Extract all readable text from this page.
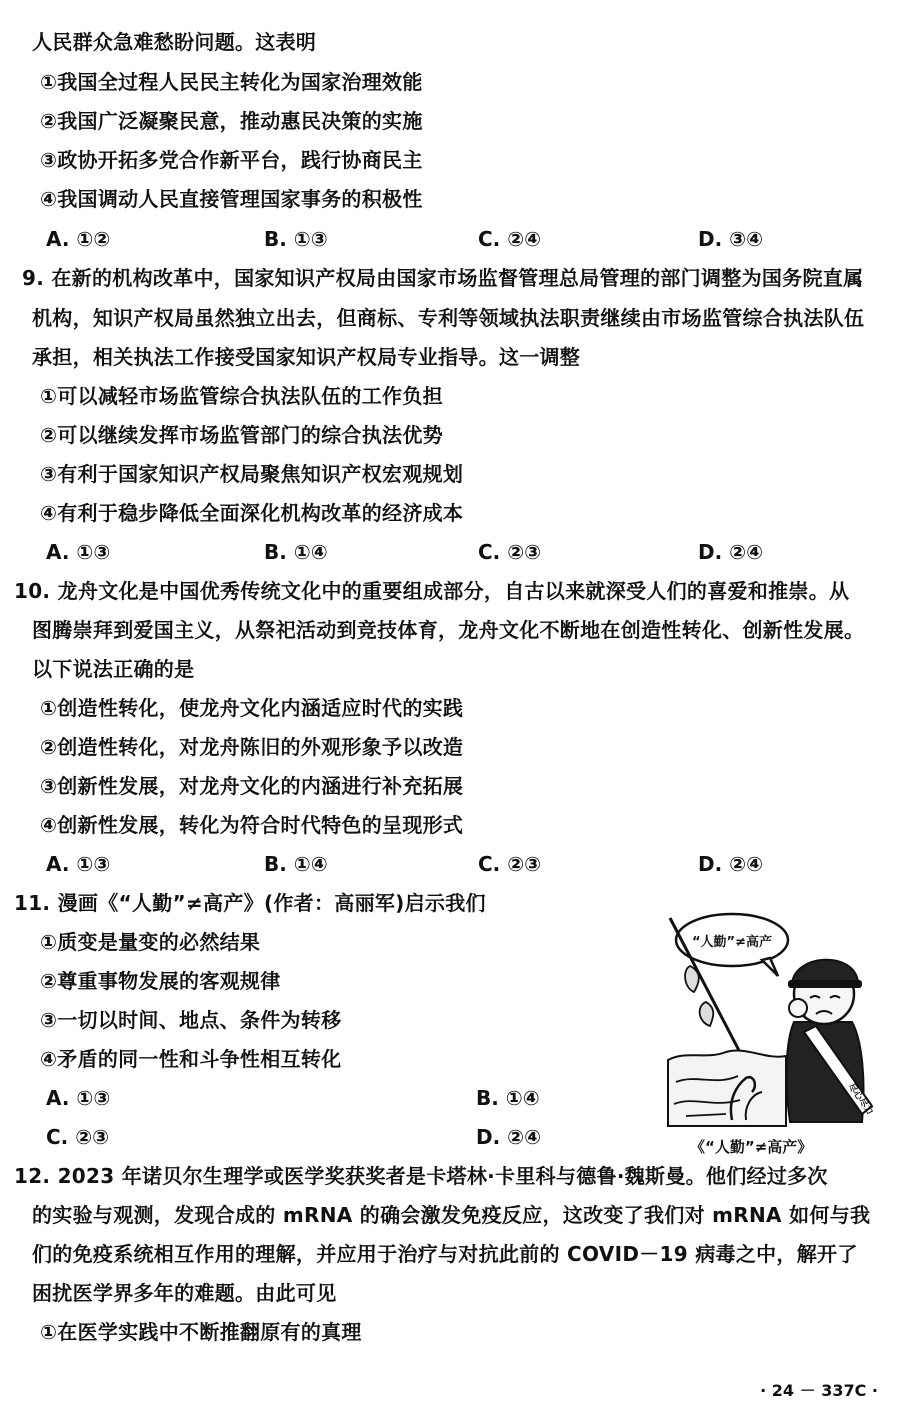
人民群众急难愁盼问题。这表明
①我国全过程人民民主转化为国家治理效能
②我国广泛凝聚民意，推动惠民决策的实施
③政协开拓多党合作新平台，践行协商民主
④我国调动人民直接管理国家事务的积极性
A. ①②	B. ①③	C. ②④	D. ③④
9. 在新的机构改革中，国家知识产权局由国家市场监督管理总局管理的部门调整为国务院直属
机构，知识产权局虽然独立出去，但商标、专利等领域执法职责继续由市场监管综合执法队伍
承担，相关执法工作接受国家知识产权局专业指导。这一调整
①可以减轻市场监管综合执法队伍的工作负担
②可以继续发挥市场监管部门的综合执法优势
③有利于国家知识产权局聚焦知识产权宏观规划
④有利于稳步降低全面深化机构改革的经济成本
A. ①③	B. ①④	C. ②③	D. ②④
10. 龙舟文化是中国优秀传统文化中的重要组成部分，自古以来就深受人们的喜爱和推崇。从
图腾崇拜到爱国主义，从祭祀活动到竞技体育，龙舟文化不断地在创造性转化、创新性发展。
以下说法正确的是
①创造性转化，使龙舟文化内涵适应时代的实践
②创造性转化，对龙舟陈旧的外观形象予以改造
③创新性发展，对龙舟文化的内涵进行补充拓展
④创新性发展，转化为符合时代特色的呈现形式
A. ①③	B. ①④	C. ②③	D. ②④
11. 漫画《“人勤”≠高产》(作者：高丽军)启示我们
①质变是量变的必然结果
②尊重事物发展的客观规律
③一切以时间、地点、条件为转移
④矛盾的同一性和斗争性相互转化
A. ①③	B. ①④
C. ②③	D. ②④
“人勤”≠高产
尽心尽力
《“人勤”≠高产》
12. 2023 年诺贝尔生理学或医学奖获奖者是卡塔林·卡里科与德鲁·魏斯曼。他们经过多次
的实验与观测，发现合成的 mRNA 的确会激发免疫反应，这改变了我们对 mRNA 如何与我
们的免疫系统相互作用的理解，并应用于治疗与对抗此前的 COVID－19 病毒之中，解开了
困扰医学界多年的难题。由此可见
①在医学实践中不断推翻原有的真理
· 24 － 337C ·
